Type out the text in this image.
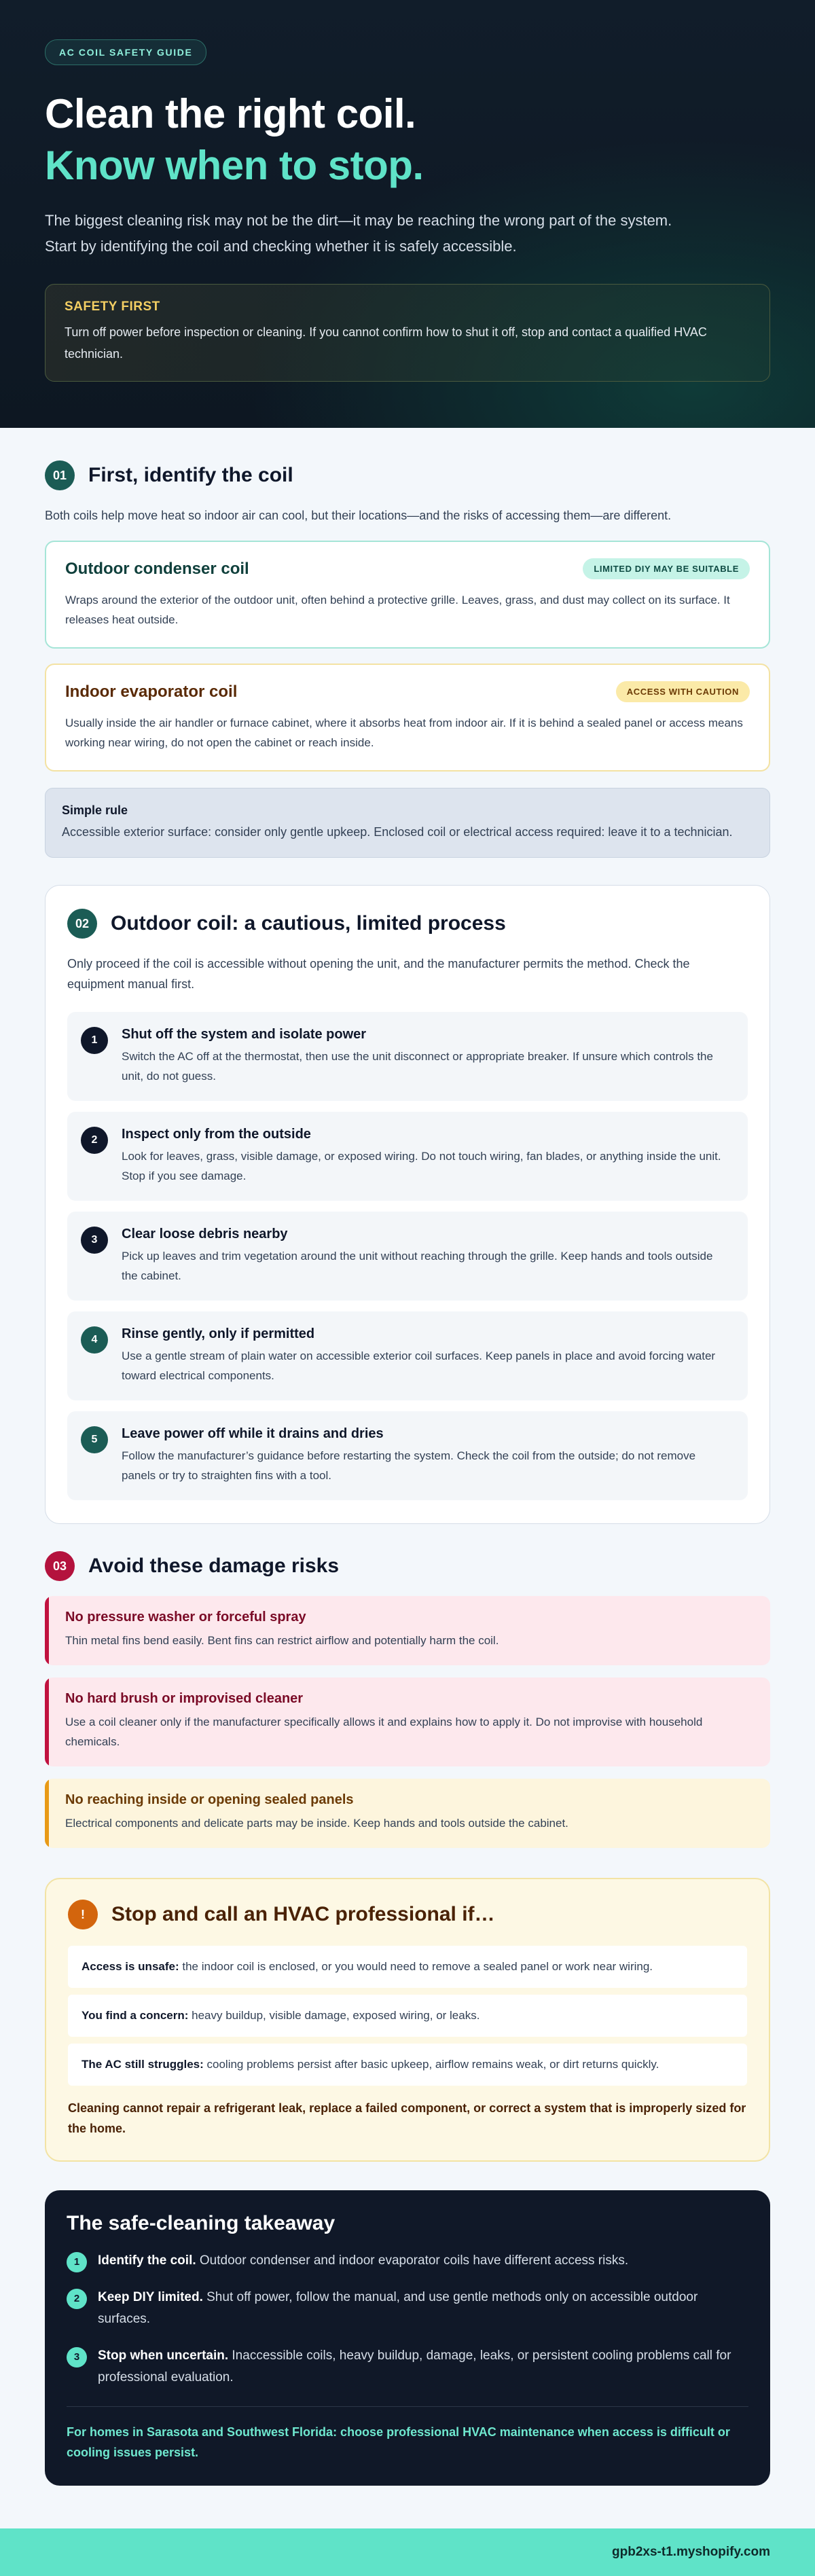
AC COIL SAFETY GUIDE
Clean the right coil.
Know when to stop.

The biggest cleaning risk may not be the dirt—it may be reaching the wrong part of the system. Start by identifying the coil and checking whether it is safely accessible.

SAFETY FIRST
Turn off power before inspection or cleaning. If you cannot confirm how to shut it off, stop and contact a qualified HVAC technician.
01	First, identify the coil

Both coils help move heat so indoor air can cool, but their locations—and the risks of accessing them—are different.

Outdoor condenser coil	LIMITED DIY MAY BE SUITABLE

Wraps around the exterior of the outdoor unit, often behind a protective grille. Leaves, grass, and dust may collect on its surface. It releases heat outside.

Indoor evaporator coil	ACCESS WITH CAUTION

Usually inside the air handler or furnace cabinet, where it absorbs heat from indoor air. If it is behind a sealed panel or access means working near wiring, do not open the cabinet or reach inside.

Simple rule
Accessible exterior surface: consider only gentle upkeep. Enclosed coil or electrical access required: leave it to a technician.
02	Outdoor coil: a cautious, limited process

Only proceed if the coil is accessible without opening the unit, and the manufacturer permits the method. Check the equipment manual first.

1	Shut off the system and isolate power
Switch the AC off at the thermostat, then use the unit disconnect or appropriate breaker. If unsure which controls the unit, do not guess.
2	Inspect only from the outside
Look for leaves, grass, visible damage, or exposed wiring. Do not touch wiring, fan blades, or anything inside the unit. Stop if you see damage.
3	Clear loose debris nearby
Pick up leaves and trim vegetation around the unit without reaching through the grille. Keep hands and tools outside the cabinet.
4	Rinse gently, only if permitted
Use a gentle stream of plain water on accessible exterior coil surfaces. Keep panels in place and avoid forcing water toward electrical components.
5	Leave power off while it drains and dries
Follow the manufacturer’s guidance before restarting the system. Check the coil from the outside; do not remove panels or try to straighten fins with a tool.
03	Avoid these damage risks
No pressure washer or forceful spray
Thin metal fins bend easily. Bent fins can restrict airflow and potentially harm the coil.
No hard brush or improvised cleaner
Use a coil cleaner only if the manufacturer specifically allows it and explains how to apply it. Do not improvise with household chemicals.
No reaching inside or opening sealed panels
Electrical components and delicate parts may be inside. Keep hands and tools outside the cabinet.
!	Stop and call an HVAC professional if…
Access is unsafe: the indoor coil is enclosed, or you would need to remove a sealed panel or work near wiring.
You find a concern: heavy buildup, visible damage, exposed wiring, or leaks.
The AC still struggles: cooling problems persist after basic upkeep, airflow remains weak, or dirt returns quickly.

Cleaning cannot repair a refrigerant leak, replace a failed component, or correct a system that is improperly sized for the home.

The safe-cleaning takeaway
1	Identify the coil. Outdoor condenser and indoor evaporator coils have different access risks.
2	Keep DIY limited. Shut off power, follow the manual, and use gentle methods only on accessible outdoor surfaces.
3	Stop when uncertain. Inaccessible coils, heavy buildup, damage, leaks, or persistent cooling problems call for professional evaluation.

For homes in Sarasota and Southwest Florida: choose professional HVAC maintenance when access is difficult or cooling issues persist.

gpb2xs-t1.myshopify.com
